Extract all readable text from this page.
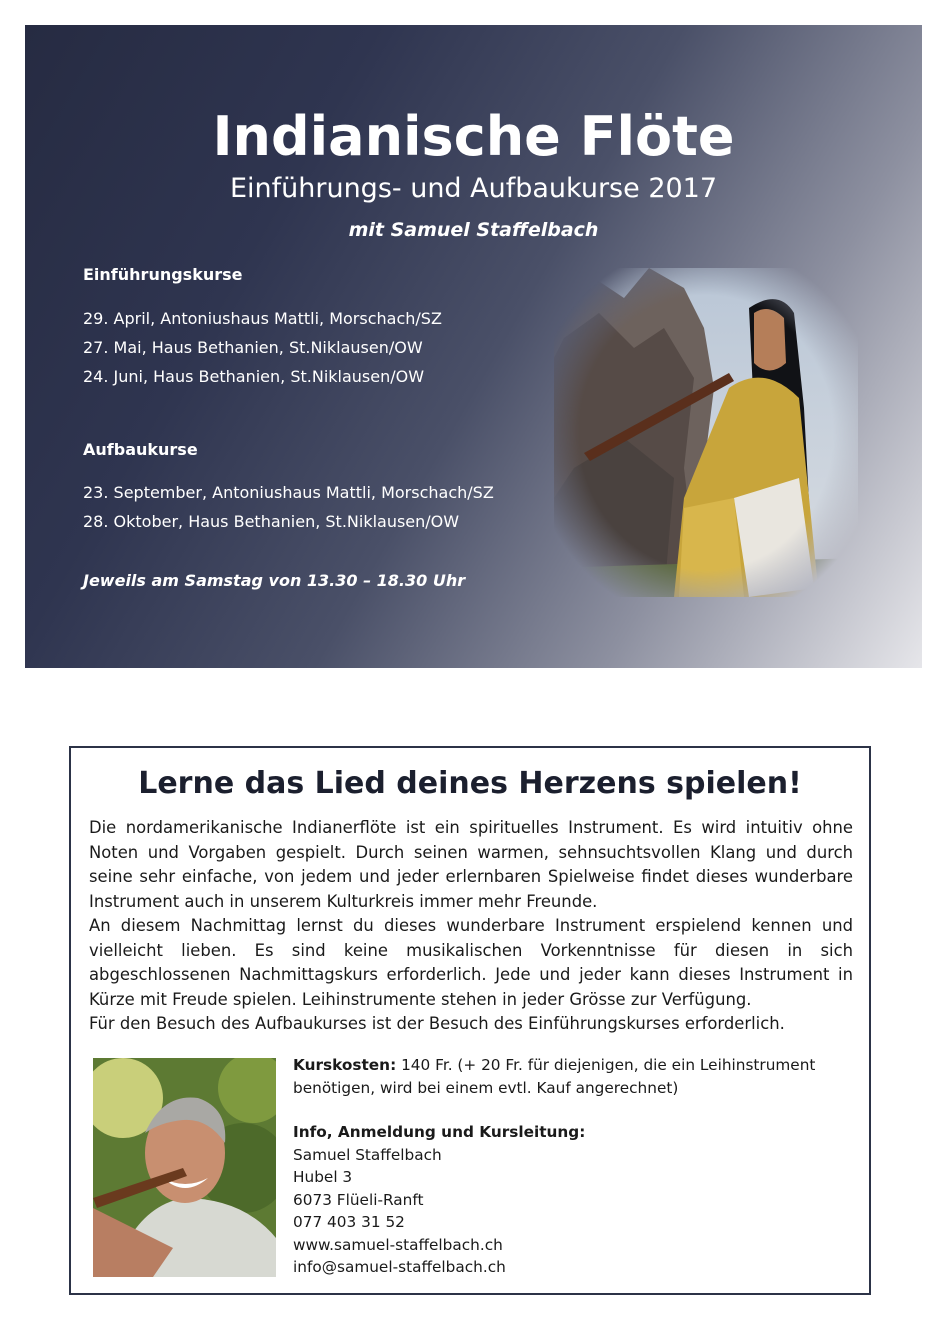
Indianische Flöte

Einführungs- und Aufbaukurse 2017

mit Samuel Staffelbach

Einführungskurse

29. April, Antoniushaus Mattli, Morschach/SZ
27. Mai, Haus Bethanien, St.Niklausen/OW
24. Juni, Haus Bethanien, St.Niklausen/OW

Aufbaukurse

23. September, Antoniushaus Mattli, Morschach/SZ
28. Oktober, Haus Bethanien, St.Niklausen/OW

Jeweils am Samstag von 13.30 – 18.30 Uhr

Lerne das Lied deines Herzens spielen!

Die nordamerikanische Indianerflöte ist ein spirituelles Instrument. Es wird intuitiv ohne Noten und Vorgaben gespielt. Durch seinen warmen, sehnsuchtsvollen Klang und durch seine sehr einfache, von jedem und jeder erlernbaren Spielweise findet dieses wunderbare Instrument auch in unserem Kulturkreis immer mehr Freunde.

An diesem Nachmittag lernst du dieses wunderbare Instrument erspielend kennen und vielleicht lieben. Es sind keine musikalischen Vorkenntnisse für diesen in sich abgeschlossenen Nachmittagskurs erforderlich. Jede und jeder kann dieses Instrument in Kürze mit Freude spielen. Leihinstrumente stehen in jeder Grösse zur Verfügung.

Für den Besuch des Aufbaukurses ist der Besuch des Einführungskurses erforderlich.

Kurskosten: 140 Fr. (+ 20 Fr. für diejenigen, die ein Leihinstrument

benötigen, wird bei einem evtl. Kauf angerechnet)

Info, Anmeldung und Kursleitung:

Samuel Staffelbach

Hubel 3

6073 Flüeli-Ranft

077 403 31 52

www.samuel-staffelbach.ch

info@samuel-staffelbach.ch
